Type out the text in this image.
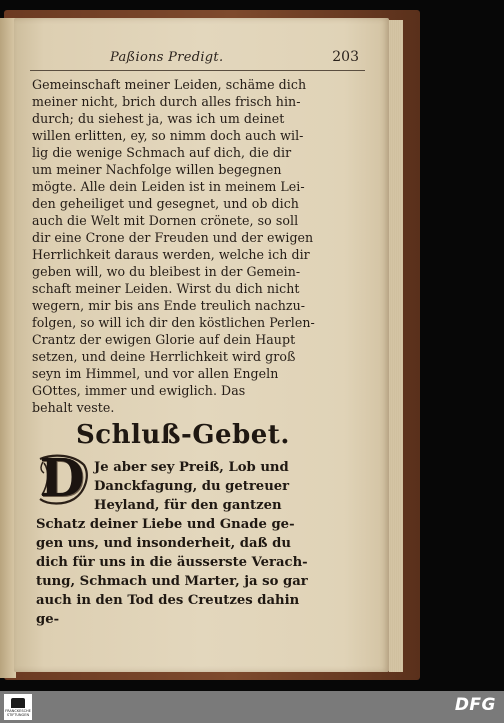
Paßions Predigt.	203
Gemeinschaft meiner Leiden, schäme dich
meiner nicht, brich durch alles frisch hin-
durch; du siehest ja, was ich um deinet
willen erlitten, ey, so nimm doch auch wil-
lig die wenige Schmach auf dich, die dir
um meiner Nachfolge willen begegnen
mögte. Alle dein Leiden ist in meinem Lei-
den geheiliget und gesegnet, und ob dich
auch die Welt mit Dornen crönete, so soll
dir eine Crone der Freuden und der ewigen
Herrlichkeit daraus werden, welche ich dir
geben will, wo du bleibest in der Gemein-
schaft meiner Leiden. Wirst du dich nicht
wegern, mir bis ans Ende treulich nachzu-
folgen, so will ich dir den köstlichen Perlen-
Crantz der ewigen Glorie auf dein Haupt
setzen, und deine Herrlichkeit wird groß
seyn im Himmel, und vor allen Engeln
GOttes, immer und ewiglich. Das
behalt veste.
Schluß-Gebet.
D Je aber sey Preiß, Lob und
Danckfagung, du getreuer
Heyland, für den gantzen
Schatz deiner Liebe und Gnade ge-
gen uns, und insonderheit, daß du
dich für uns in die äusserste Verach-
tung, Schmach und Marter, ja so gar
auch in den Tod des Creutzes dahin
ge-
FRANCKESCHE STIFTUNGEN	DFG
